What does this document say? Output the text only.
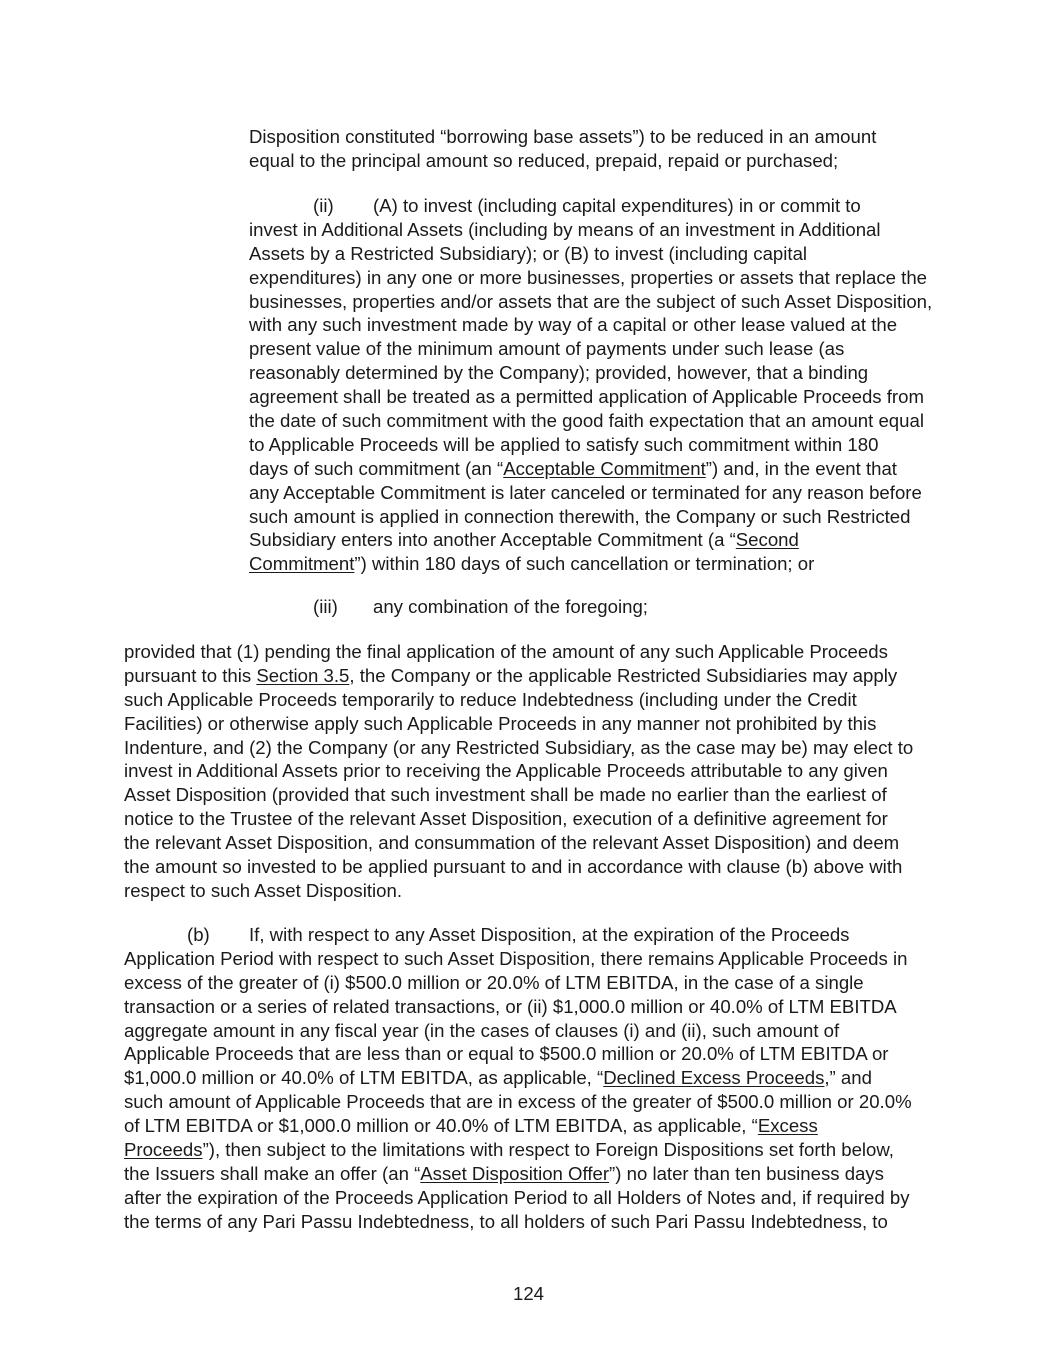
Disposition constituted “borrowing base assets”) to be reduced in an amount
equal to the principal amount so reduced, prepaid, repaid or purchased;
(ii) (A) to invest (including capital expenditures) in or commit to
invest in Additional Assets (including by means of an investment in Additional
Assets by a Restricted Subsidiary); or (B) to invest (including capital
expenditures) in any one or more businesses, properties or assets that replace the
businesses, properties and/or assets that are the subject of such Asset Disposition,
with any such investment made by way of a capital or other lease valued at the
present value of the minimum amount of payments under such lease (as
reasonably determined by the Company); provided, however, that a binding
agreement shall be treated as a permitted application of Applicable Proceeds from
the date of such commitment with the good faith expectation that an amount equal
to Applicable Proceeds will be applied to satisfy such commitment within 180
days of such commitment (an “Acceptable Commitment”) and, in the event that
any Acceptable Commitment is later canceled or terminated for any reason before
such amount is applied in connection therewith, the Company or such Restricted
Subsidiary enters into another Acceptable Commitment (a “Second
Commitment”) within 180 days of such cancellation or termination; or
(iii) any combination of the foregoing;
provided that (1) pending the final application of the amount of any such Applicable Proceeds
pursuant to this Section 3.5, the Company or the applicable Restricted Subsidiaries may apply
such Applicable Proceeds temporarily to reduce Indebtedness (including under the Credit
Facilities) or otherwise apply such Applicable Proceeds in any manner not prohibited by this
Indenture, and (2) the Company (or any Restricted Subsidiary, as the case may be) may elect to
invest in Additional Assets prior to receiving the Applicable Proceeds attributable to any given
Asset Disposition (provided that such investment shall be made no earlier than the earliest of
notice to the Trustee of the relevant Asset Disposition, execution of a definitive agreement for
the relevant Asset Disposition, and consummation of the relevant Asset Disposition) and deem
the amount so invested to be applied pursuant to and in accordance with clause (b) above with
respect to such Asset Disposition.
(b) If, with respect to any Asset Disposition, at the expiration of the Proceeds
Application Period with respect to such Asset Disposition, there remains Applicable Proceeds in
excess of the greater of (i) $500.0 million or 20.0% of LTM EBITDA, in the case of a single
transaction or a series of related transactions, or (ii) $1,000.0 million or 40.0% of LTM EBITDA
aggregate amount in any fiscal year (in the cases of clauses (i) and (ii), such amount of
Applicable Proceeds that are less than or equal to $500.0 million or 20.0% of LTM EBITDA or
$1,000.0 million or 40.0% of LTM EBITDA, as applicable, “Declined Excess Proceeds,” and
such amount of Applicable Proceeds that are in excess of the greater of $500.0 million or 20.0%
of LTM EBITDA or $1,000.0 million or 40.0% of LTM EBITDA, as applicable, “Excess
Proceeds”), then subject to the limitations with respect to Foreign Dispositions set forth below,
the Issuers shall make an offer (an “Asset Disposition Offer”) no later than ten business days
after the expiration of the Proceeds Application Period to all Holders of Notes and, if required by
the terms of any Pari Passu Indebtedness, to all holders of such Pari Passu Indebtedness, to
124
